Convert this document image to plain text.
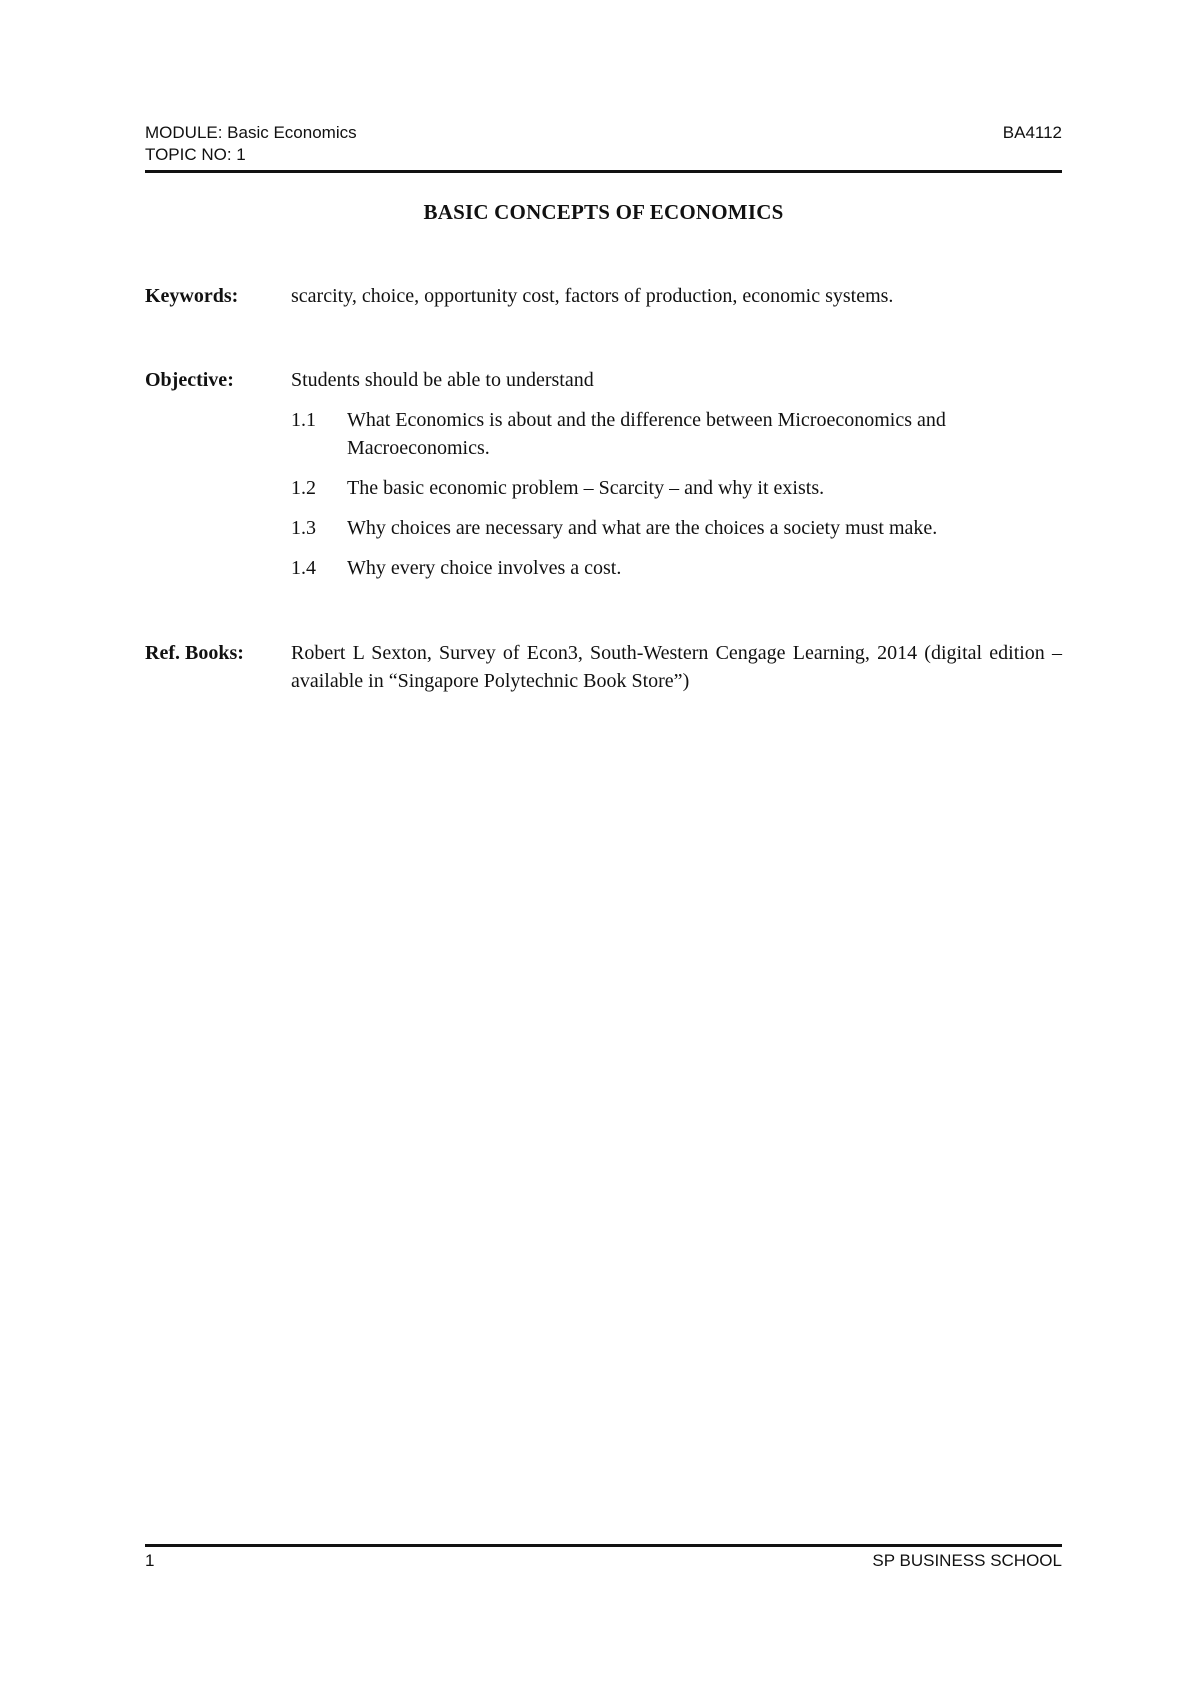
MODULE: Basic Economics	BA4112
TOPIC NO: 1
BASIC CONCEPTS OF ECONOMICS
Keywords:	scarcity, choice, opportunity cost, factors of production, economic systems.
Objective:	Students should be able to understand
1.1	What Economics is about and the difference between Microeconomics and Macroeconomics.
1.2	The basic economic problem – Scarcity – and why it exists.
1.3	Why choices are necessary and what are the choices a society must make.
1.4	Why every choice involves a cost.
Ref. Books: Robert L Sexton, Survey of Econ3, South-Western Cengage Learning, 2014 (digital edition – available in “Singapore Polytechnic Book Store”)
1	SP BUSINESS SCHOOL
